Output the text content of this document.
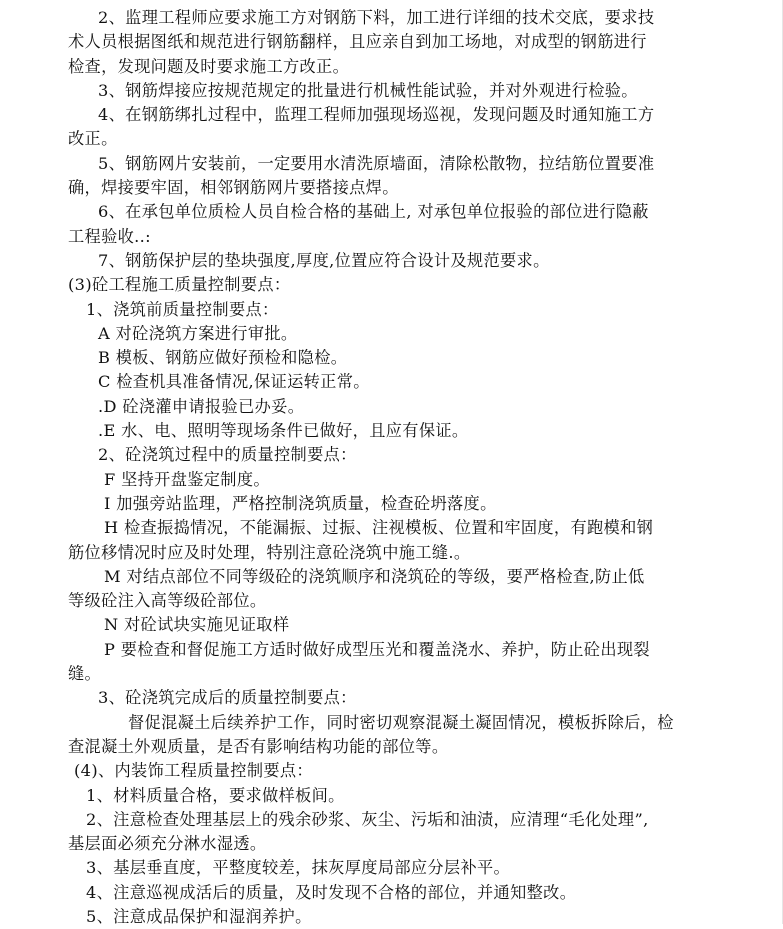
2、监理工程师应要求施工方对钢筋下料，加工进行详细的技术交底，要求技
术人员根据图纸和规范进行钢筋翻样，且应亲自到加工场地，对成型的钢筋进行
检查，发现问题及时要求施工方改正。
3、钢筋焊接应按规范规定的批量进行机械性能试验，并对外观进行检验。
4、在钢筋绑扎过程中，监理工程师加强现场巡视，发现问题及时通知施工方
改正。
5、钢筋网片安装前，一定要用水清洗原墙面，清除松散物，拉结筋位置要准
确，焊接要牢固，相邻钢筋网片要搭接点焊。
6、在承包单位质检人员自检合格的基础上, 对承包单位报验的部位进行隐蔽
工程验收..:
7、钢筋保护层的垫块强度,厚度,位置应符合设计及规范要求。
(3)砼工程施工质量控制要点：
1、浇筑前质量控制要点：
A 对砼浇筑方案进行审批。
B 模板、钢筋应做好预检和隐检。
C 检查机具准备情况,保证运转正常。
.D 砼浇灌申请报验已办妥。
.E 水、电、照明等现场条件已做好，且应有保证。
2、砼浇筑过程中的质量控制要点：
F 坚持开盘鉴定制度。
I 加强旁站监理，严格控制浇筑质量，检查砼坍落度。
H 检查振捣情况，不能漏振、过振、注视模板、位置和牢固度，有跑模和钢
筋位移情况时应及时处理，特别注意砼浇筑中施工缝.。
M 对结点部位不同等级砼的浇筑顺序和浇筑砼的等级，要严格检查,防止低
等级砼注入高等级砼部位。
N 对砼试块实施见证取样
P 要检查和督促施工方适时做好成型压光和覆盖浇水、养护，防止砼出现裂
缝。
3、砼浇筑完成后的质量控制要点：
督促混凝土后续养护工作，同时密切观察混凝土凝固情况，模板拆除后，检
查混凝土外观质量，是否有影响结构功能的部位等。
(4)、内装饰工程质量控制要点：
1、材料质量合格，要求做样板间。
2、注意检查处理基层上的残余砂浆、灰尘、污垢和油渍，应清理“毛化处理”,
基层面必须充分淋水湿透。
3、基层垂直度，平整度较差，抹灰厚度局部应分层补平。
4、注意巡视成活后的质量，及时发现不合格的部位，并通知整改。
5、注意成品保护和湿润养护。
